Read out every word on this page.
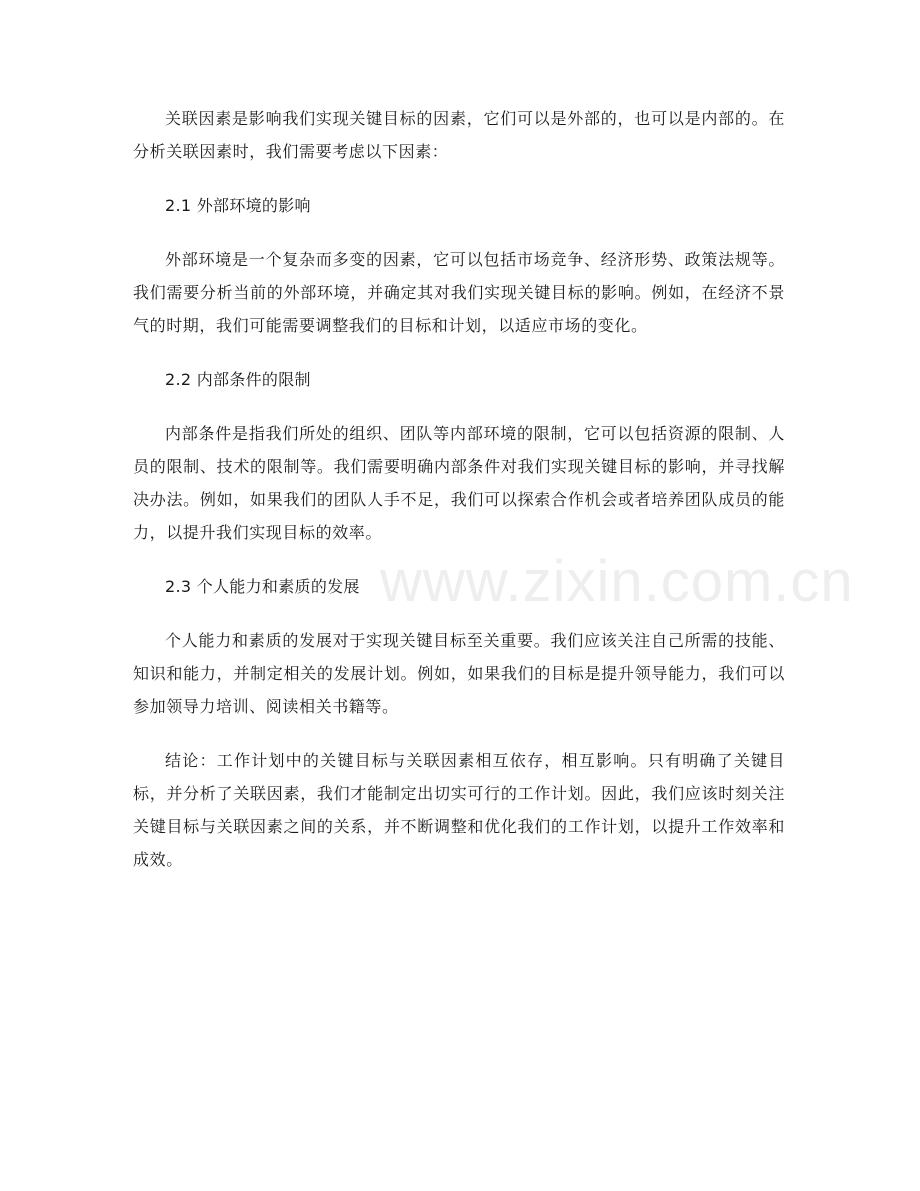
关联因素是影响我们实现关键目标的因素，它们可以是外部的，也可以是内部的。在分析关联因素时，我们需要考虑以下因素：

2.1 外部环境的影响

外部环境是一个复杂而多变的因素，它可以包括市场竞争、经济形势、政策法规等。我们需要分析当前的外部环境，并确定其对我们实现关键目标的影响。例如，在经济不景气的时期，我们可能需要调整我们的目标和计划，以适应市场的变化。

2.2 内部条件的限制

内部条件是指我们所处的组织、团队等内部环境的限制，它可以包括资源的限制、人员的限制、技术的限制等。我们需要明确内部条件对我们实现关键目标的影响，并寻找解决办法。例如，如果我们的团队人手不足，我们可以探索合作机会或者培养团队成员的能力，以提升我们实现目标的效率。

2.3 个人能力和素质的发展

个人能力和素质的发展对于实现关键目标至关重要。我们应该关注自己所需的技能、知识和能力，并制定相关的发展计划。例如，如果我们的目标是提升领导能力，我们可以参加领导力培训、阅读相关书籍等。

结论：工作计划中的关键目标与关联因素相互依存，相互影响。只有明确了关键目标，并分析了关联因素，我们才能制定出切实可行的工作计划。因此，我们应该时刻关注关键目标与关联因素之间的关系，并不断调整和优化我们的工作计划，以提升工作效率和成效。

www.zixin.com.cn
